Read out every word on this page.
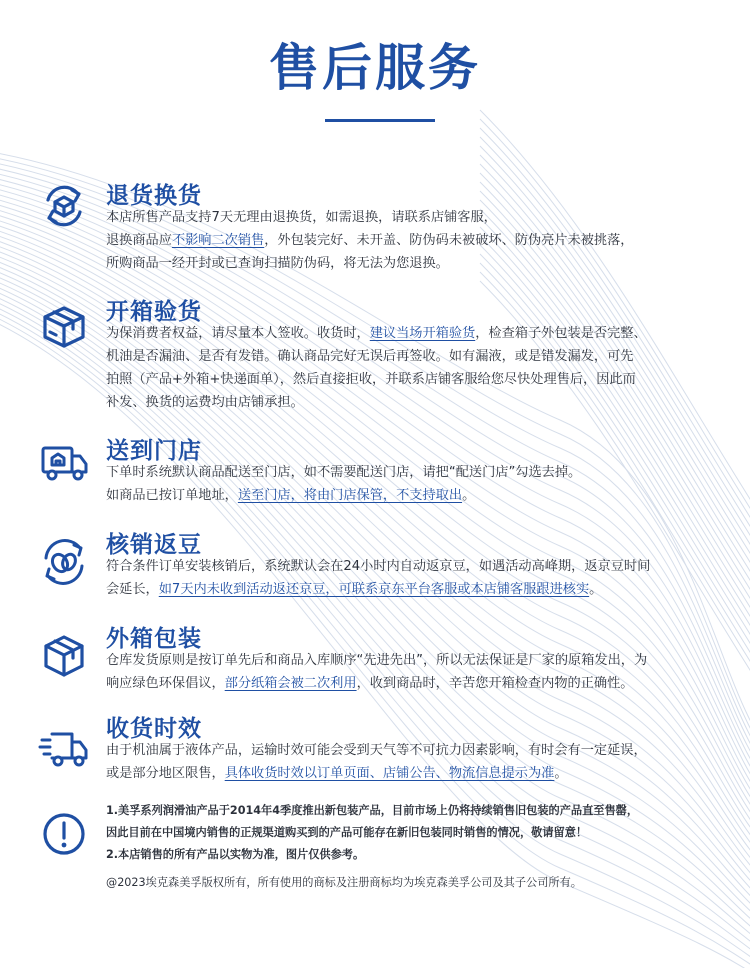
售后服务
退货换货
本店所售产品支持7天无理由退换货，如需退换，请联系店铺客服，
退换商品应不影响二次销售，外包装完好、未开盖、防伪码未被破坏、防伪亮片未被挑落，
所购商品一经开封或已查询扫描防伪码，将无法为您退换。
开箱验货
为保消费者权益，请尽量本人签收。收货时，建议当场开箱验货，检查箱子外包装是否完整、
机油是否漏油、是否有发错。确认商品完好无误后再签收。如有漏液，或是错发漏发，可先
拍照（产品+外箱+快递面单），然后直接拒收，并联系店铺客服给您尽快处理售后，因此而
补发、换货的运费均由店铺承担。
送到门店
下单时系统默认商品配送至门店，如不需要配送门店，请把“配送门店”勾选去掉。
如商品已按订单地址，送至门店，将由门店保管，不支持取出。
核销返豆
符合条件订单安装核销后，系统默认会在24小时内自动返京豆，如遇活动高峰期，返京豆时间
会延长，如7天内未收到活动返还京豆，可联系京东平台客服或本店铺客服跟进核实。
外箱包装
仓库发货原则是按订单先后和商品入库顺序“先进先出”，所以无法保证是厂家的原箱发出，为
响应绿色环保倡议，部分纸箱会被二次利用，收到商品时，辛苦您开箱检查内物的正确性。
收货时效
由于机油属于液体产品，运输时效可能会受到天气等不可抗力因素影响，有时会有一定延误，
或是部分地区限售，具体收货时效以订单页面、店铺公告、物流信息提示为准。
1.美孚系列润滑油产品于2014年4季度推出新包装产品，目前市场上仍将持续销售旧包装的产品直至售罄，
因此目前在中国境内销售的正规渠道购买到的产品可能存在新旧包装同时销售的情况，敬请留意！
2.本店销售的所有产品以实物为准，图片仅供参考。
@2023埃克森美孚版权所有，所有使用的商标及注册商标均为埃克森美孚公司及其子公司所有。
